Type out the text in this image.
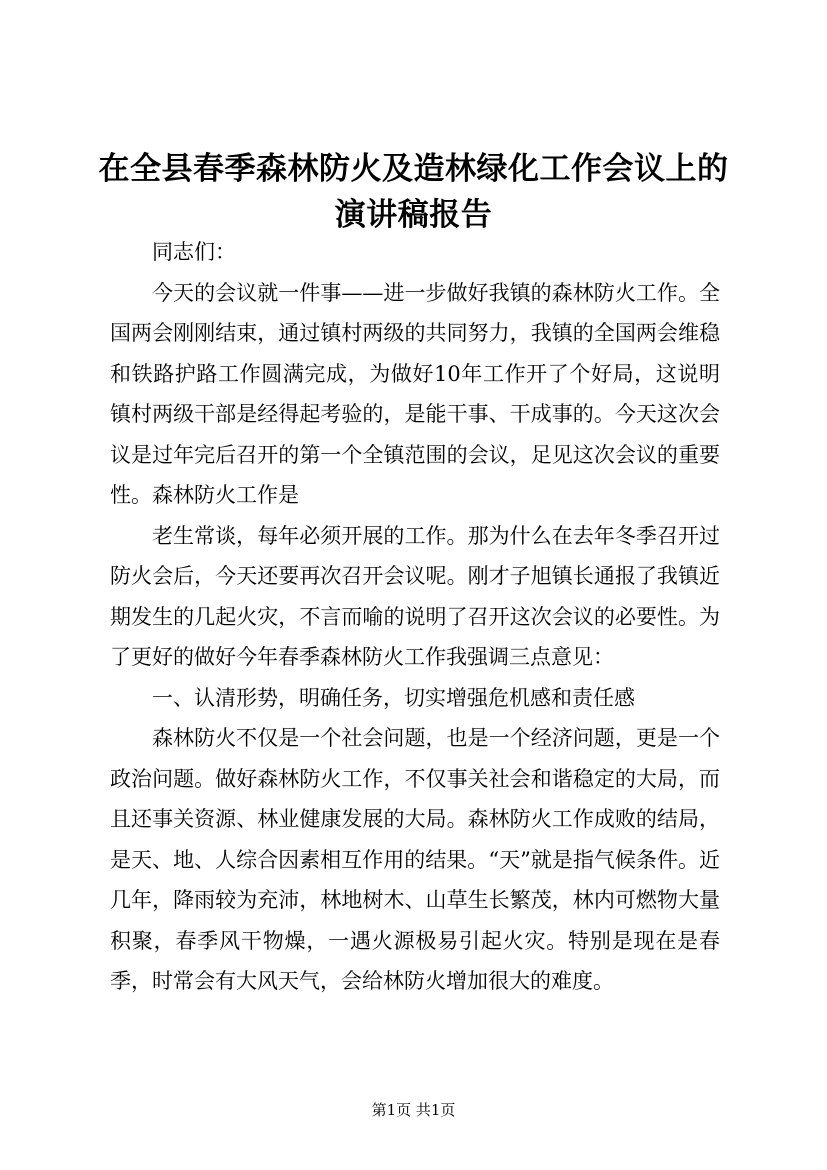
在全县春季森林防火及造林绿化工作会议上的演讲稿报告

同志们：

今天的会议就一件事——进一步做好我镇的森林防火工作。全国两会刚刚结束，通过镇村两级的共同努力，我镇的全国两会维稳和铁路护路工作圆满完成，为做好10年工作开了个好局，这说明镇村两级干部是经得起考验的，是能干事、干成事的。今天这次会议是过年完后召开的第一个全镇范围的会议，足见这次会议的重要性。森林防火工作是

老生常谈，每年必须开展的工作。那为什么在去年冬季召开过防火会后，今天还要再次召开会议呢。刚才子旭镇长通报了我镇近期发生的几起火灾，不言而喻的说明了召开这次会议的必要性。为了更好的做好今年春季森林防火工作我强调三点意见：

一、认清形势，明确任务，切实增强危机感和责任感

森林防火不仅是一个社会问题，也是一个经济问题，更是一个政治问题。做好森林防火工作，不仅事关社会和谐稳定的大局，而且还事关资源、林业健康发展的大局。森林防火工作成败的结局，是天、地、人综合因素相互作用的结果。“天”就是指气候条件。近几年，降雨较为充沛，林地树木、山草生长繁茂，林内可燃物大量积聚，春季风干物燥，一遇火源极易引起火灾。特别是现在是春季，时常会有大风天气，会给林防火增加很大的难度。

第1页 共1页
